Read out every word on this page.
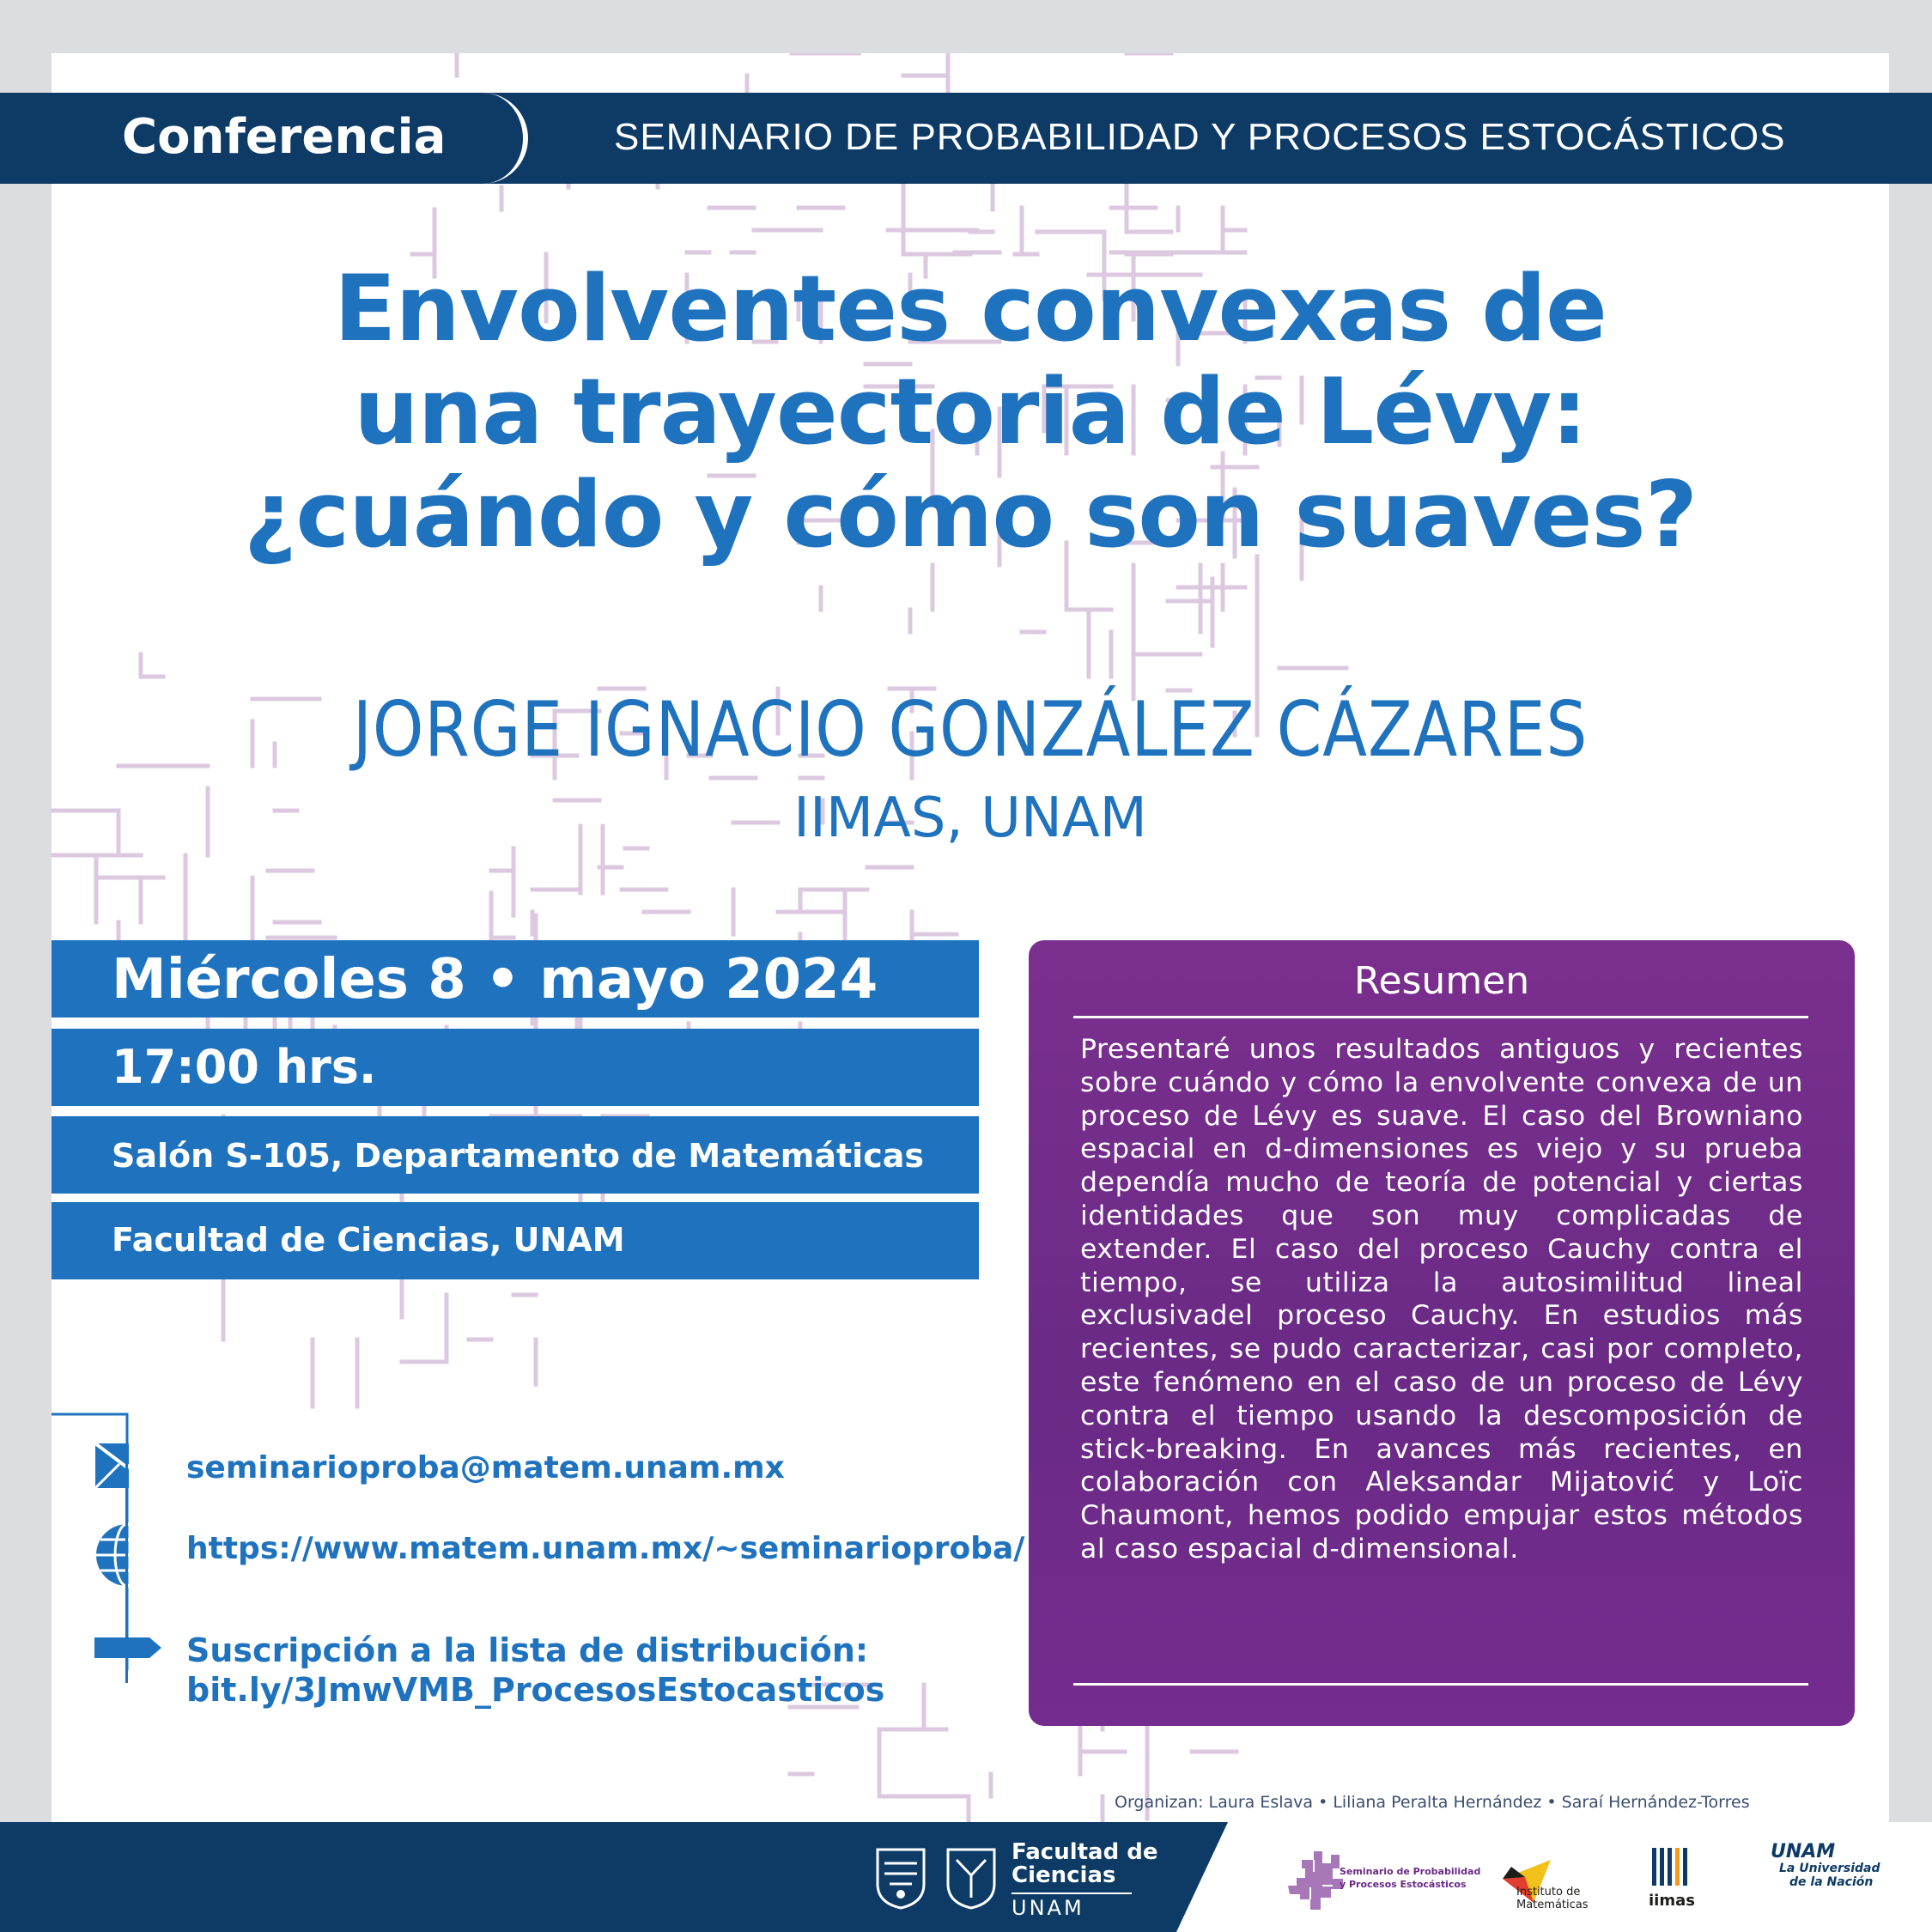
Conferencia	SEMINARIO DE PROBABILIDAD Y PROCESOS ESTOCÁSTICOS
Envolventes convexas de
una trayectoria de Lévy:
¿cuándo y cómo son suaves?
JORGE IGNACIO GONZÁLEZ CÁZARES
IIMAS, UNAM
Miércoles 8 • mayo 2024
17:00 hrs.
Salón S-105, Departamento de Matemáticas
Facultad de Ciencias, UNAM
Resumen
Presentaré unos resultados antiguos y recientes sobre cuándo y cómo la envolvente convexa de un proceso de Lévy es suave. El caso del Browniano espacial en d-dimensiones es viejo y su prueba dependía mucho de teoría de potencial y ciertas identidades que son muy complicadas de extender. El caso del proceso Cauchy contra el tiempo, se utiliza la autosimilitud lineal exclusivadel proceso Cauchy. En estudios más recientes, se pudo caracterizar, casi por completo, este fenómeno en el caso de un proceso de Lévy contra el tiempo usando la descomposición de stick-breaking. En avances más recientes, en colaboración con Aleksandar Mijatović y Loïc Chaumont, hemos podido empujar estos métodos al caso espacial d-dimensional.
seminarioproba@matem.unam.mx
https://www.matem.unam.mx/~seminarioproba/
Suscripción a la lista de distribución:
bit.ly/3JmwVMB_ProcesosEstocasticos
Organizan: Laura Eslava • Liliana Peralta Hernández • Saraí Hernández-Torres
Facultad de
Ciencias
UNAM
Seminario de Probabilidad
y Procesos Estocásticos
Instituto de
Matemáticas	iimas
UNAM
La Universidad
de la Nación
